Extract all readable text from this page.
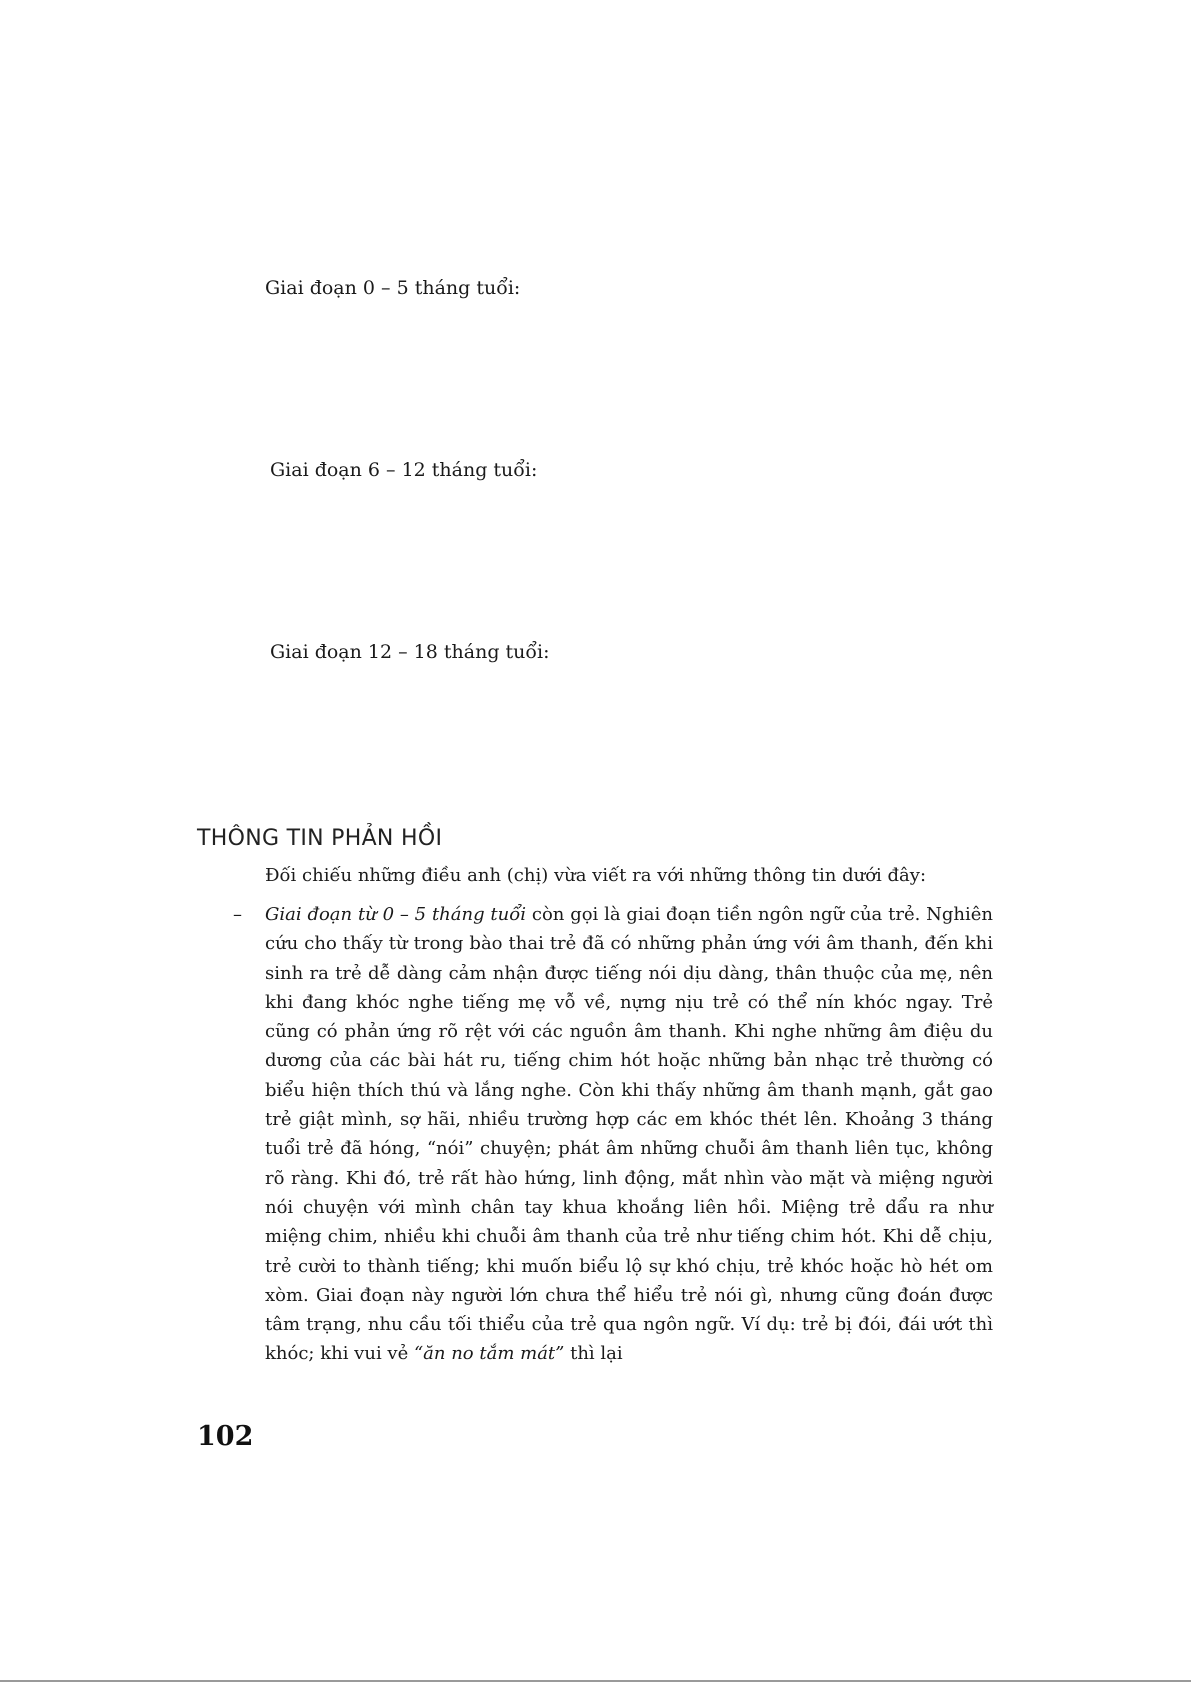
Giai đoạn 0 – 5 tháng tuổi:
Giai đoạn 6 – 12 tháng tuổi:
Giai đoạn 12 – 18 tháng tuổi:
THÔNG TIN PHẢN HỒI
Đối chiếu những điều anh (chị) vừa viết ra với những thông tin dưới đây:
– Giai đoạn từ 0 – 5 tháng tuổi còn gọi là giai đoạn tiền ngôn ngữ của trẻ. Nghiên cứu cho thấy từ trong bào thai trẻ đã có những phản ứng với âm thanh, đến khi sinh ra trẻ dễ dàng cảm nhận được tiếng nói dịu dàng, thân thuộc của mẹ, nên khi đang khóc nghe tiếng mẹ vỗ về, nựng nịu trẻ có thể nín khóc ngay. Trẻ cũng có phản ứng rõ rệt với các nguồn âm thanh. Khi nghe những âm điệu du dương của các bài hát ru, tiếng chim hót hoặc những bản nhạc trẻ thường có biểu hiện thích thú và lắng nghe. Còn khi thấy những âm thanh mạnh, gắt gao trẻ giật mình, sợ hãi, nhiều trường hợp các em khóc thét lên. Khoảng 3 tháng tuổi trẻ đã hóng, “nói” chuyện; phát âm những chuỗi âm thanh liên tục, không rõ ràng. Khi đó, trẻ rất hào hứng, linh động, mắt nhìn vào mặt và miệng người nói chuyện với mình chân tay khua khoắng liên hồi. Miệng trẻ dẩu ra như miệng chim, nhiều khi chuỗi âm thanh của trẻ như tiếng chim hót. Khi dễ chịu, trẻ cười to thành tiếng; khi muốn biểu lộ sự khó chịu, trẻ khóc hoặc hò hét om xòm. Giai đoạn này người lớn chưa thể hiểu trẻ nói gì, nhưng cũng đoán được tâm trạng, nhu cầu tối thiểu của trẻ qua ngôn ngữ. Ví dụ: trẻ bị đói, đái ướt thì khóc; khi vui vẻ “ăn no tắm mát” thì lại
102
